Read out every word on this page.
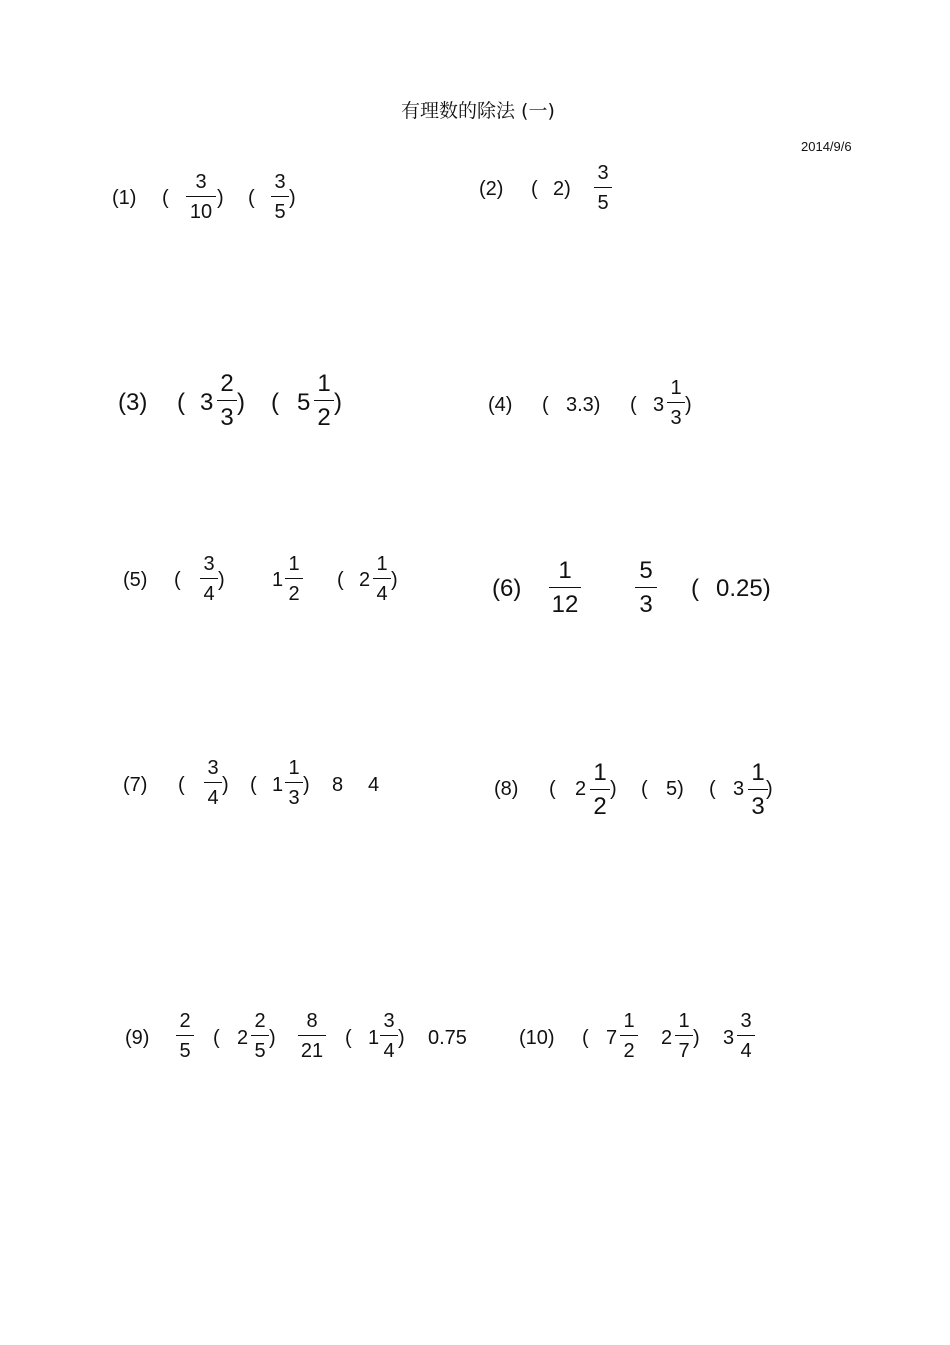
有理数的除法 (一)
2014/9/6
(1) (
3
10
) (
3
5
)	(2) ( 2)
3
5
(3) ( 3
2
3
) ( 5
1
2
)	(4) ( 3.3) ( 3
1
3
)
(5) (
3
4
) 1
1
2
( 2
1
4
)	(6)
1
12
5
3
( 0.25)
(7) (
3
4
) ( 1
1
3
) 8 4	(8) ( 2
1
2
) ( 5) ( 3
1
3
)
(9)
2
5
( 2
2
5
)
8
21
( 1
3
4
) 0.75	(10) ( 7
1
2
2
1
7
) 3
3
4
